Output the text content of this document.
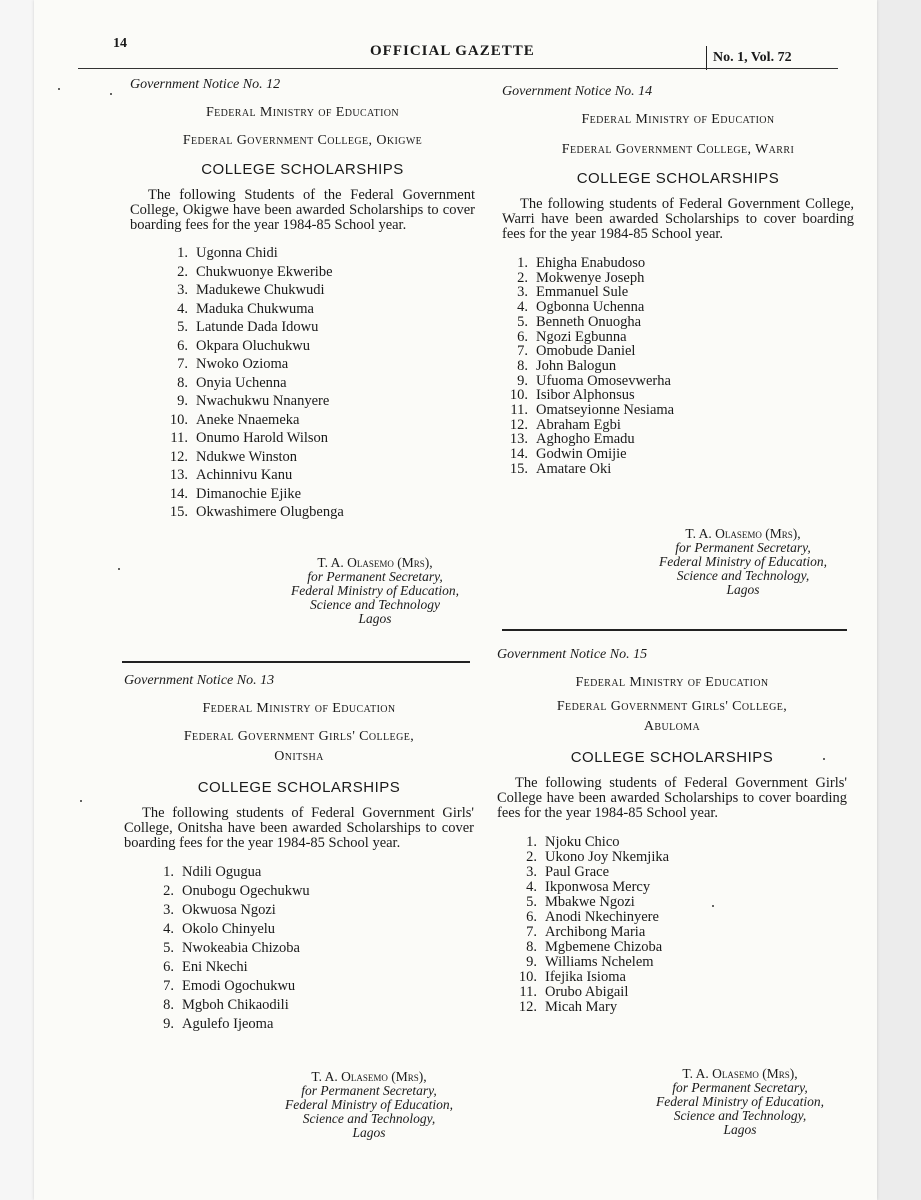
14	OFFICIAL GAZETTE	No. 1, Vol. 72
Government Notice No. 12
Federal Ministry of Education
Federal Government College, Okigwe
COLLEGE SCHOLARSHIPS
The following Students of the Federal Government College, Okigwe have been awarded Scholarships to cover boarding fees for the year 1984-85 School year.
1. Ugonna Chidi
2. Chukwuonye Ekweribe
3. Madukewe Chukwudi
4. Maduka Chukwuma
5. Latunde Dada Idowu
6. Okpara Oluchukwu
7. Nwoko Ozioma
8. Onyia Uchenna
9. Nwachukwu Nnanyere
10. Aneke Nnaemeka
11. Onumo Harold Wilson
12. Ndukwe Winston
13. Achinnivu Kanu
14. Dimanochie Ejike
15. Okwashimere Olugbenga
T. A. Olasemo (Mrs),
for Permanent Secretary,
Federal Ministry of Education,
Science and Technology
Lagos
Government Notice No. 13
Federal Ministry of Education
Federal Government Girls' College,
Onitsha
COLLEGE SCHOLARSHIPS
The following students of Federal Government Girls' College, Onitsha have been awarded Scholarships to cover boarding fees for the year 1984-85 School year.
1. Ndili Ogugua
2. Onubogu Ogechukwu
3. Okwuosa Ngozi
4. Okolo Chinyelu
5. Nwokeabia Chizoba
6. Eni Nkechi
7. Emodi Ogochukwu
8. Mgboh Chikaodili
9. Agulefo Ijeoma
T. A. Olasemo (Mrs),
for Permanent Secretary,
Federal Ministry of Education,
Science and Technology,
Lagos
Government Notice No. 14
Federal Ministry of Education
Federal Government College, Warri
COLLEGE SCHOLARSHIPS
The following students of Federal Government College, Warri have been awarded Scholarships to cover boarding fees for the year 1984-85 School year.
1. Ehigha Enabudoso
2. Mokwenye Joseph
3. Emmanuel Sule
4. Ogbonna Uchenna
5. Benneth Onuogha
6. Ngozi Egbunna
7. Omobude Daniel
8. John Balogun
9. Ufuoma Omosevwerha
10. Isibor Alphonsus
11. Omatseyionne Nesiama
12. Abraham Egbi
13. Aghogho Emadu
14. Godwin Omijie
15. Amatare Oki
T. A. Olasemo (Mrs),
for Permanent Secretary,
Federal Ministry of Education,
Science and Technology,
Lagos
Government Notice No. 15
Federal Ministry of Education
Federal Government Girls' College,
Abuloma
COLLEGE SCHOLARSHIPS
The following students of Federal Government Girls' College have been awarded Scholarships to cover boarding fees for the year 1984-85 School year.
1. Njoku Chico
2. Ukono Joy Nkemjika
3. Paul Grace
4. Ikponwosa Mercy
5. Mbakwe Ngozi
6. Anodi Nkechinyere
7. Archibong Maria
8. Mgbemene Chizoba
9. Williams Nchelem
10. Ifejika Isioma
11. Orubo Abigail
12. Micah Mary
T. A. Olasemo (Mrs),
for Permanent Secretary,
Federal Ministry of Education,
Science and Technology,
Lagos
